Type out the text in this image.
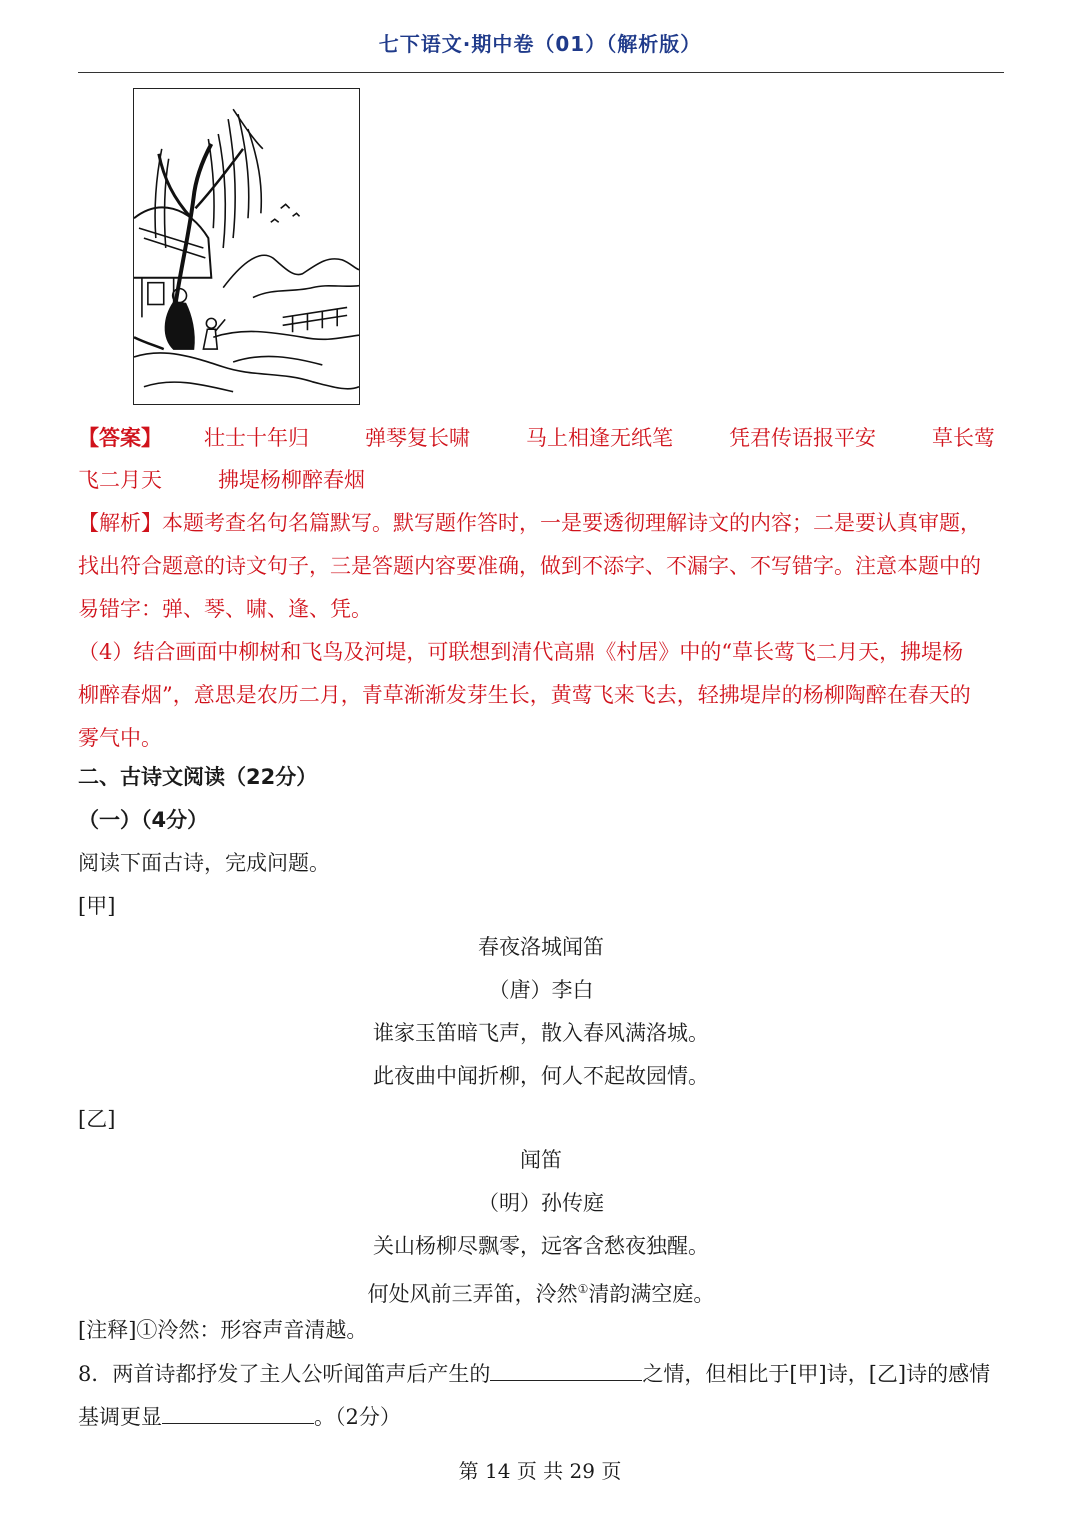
七下语文·期中卷（01）（解析版）
【答案】 壮士十年归	弹琴复长啸	马上相逢无纸笔	凭君传语报平安	草长莺
飞二月天	拂堤杨柳醉春烟
【解析】本题考查名句名篇默写。默写题作答时，一是要透彻理解诗文的内容；二是要认真审题，
找出符合题意的诗文句子，三是答题内容要准确，做到不添字、不漏字、不写错字。注意本题中的
易错字：弹、琴、啸、逢、凭。
（4）结合画面中柳树和飞鸟及河堤，可联想到清代高鼎《村居》中的“草长莺飞二月天，拂堤杨
柳醉春烟”，意思是农历二月，青草渐渐发芽生长，黄莺飞来飞去，轻拂堤岸的杨柳陶醉在春天的
雾气中。
二、古诗文阅读（22分）
（一）（4分）
阅读下面古诗，完成问题。
[甲]
春夜洛城闻笛
（唐）李白
谁家玉笛暗飞声，散入春风满洛城。
此夜曲中闻折柳，何人不起故园情。
[乙]
闻笛
（明）孙传庭
关山杨柳尽飘零，远客含愁夜独醒。
何处风前三弄笛，泠然①清韵满空庭。
[注释]①泠然：形容声音清越。
8．两首诗都抒发了主人公听闻笛声后产生的	之情，但相比于[甲]诗，[乙]诗的感情
基调更显	。（2分）
第 14 页 共 29 页
